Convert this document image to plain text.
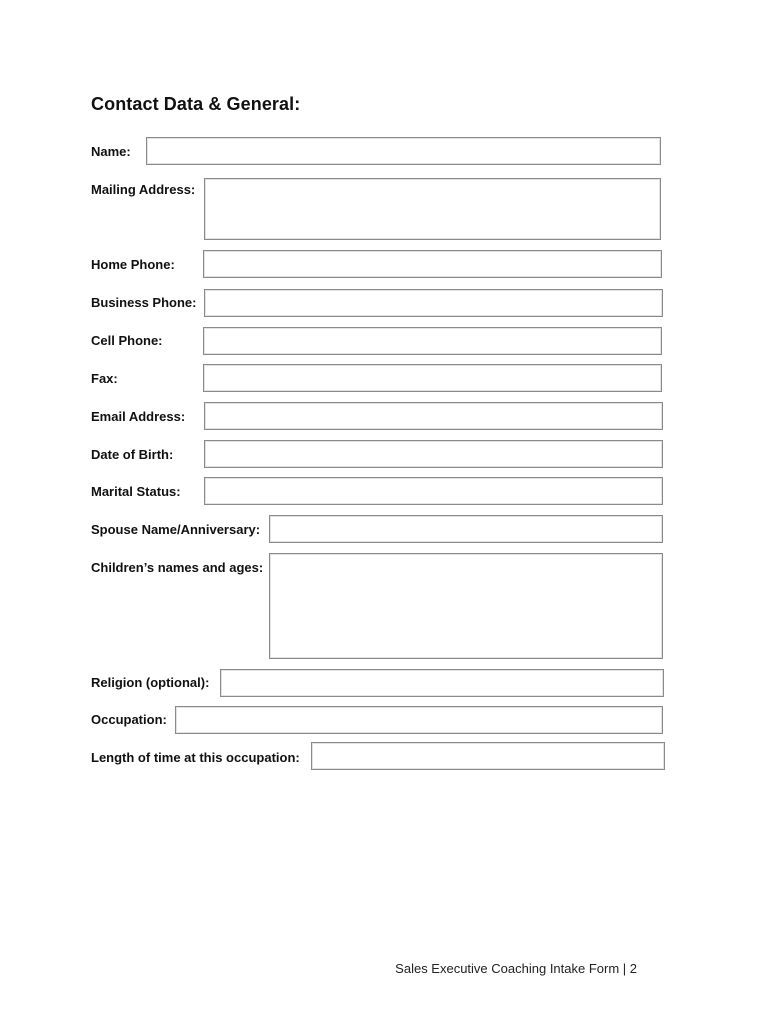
Contact Data & General:
Name:
Mailing Address:
Home Phone:
Business Phone:
Cell Phone:
Fax:
Email Address:
Date of Birth:
Marital Status:
Spouse Name/Anniversary:
Children’s names and ages:
Religion (optional):
Occupation:
Length of time at this occupation:
Sales Executive Coaching Intake Form | 2
